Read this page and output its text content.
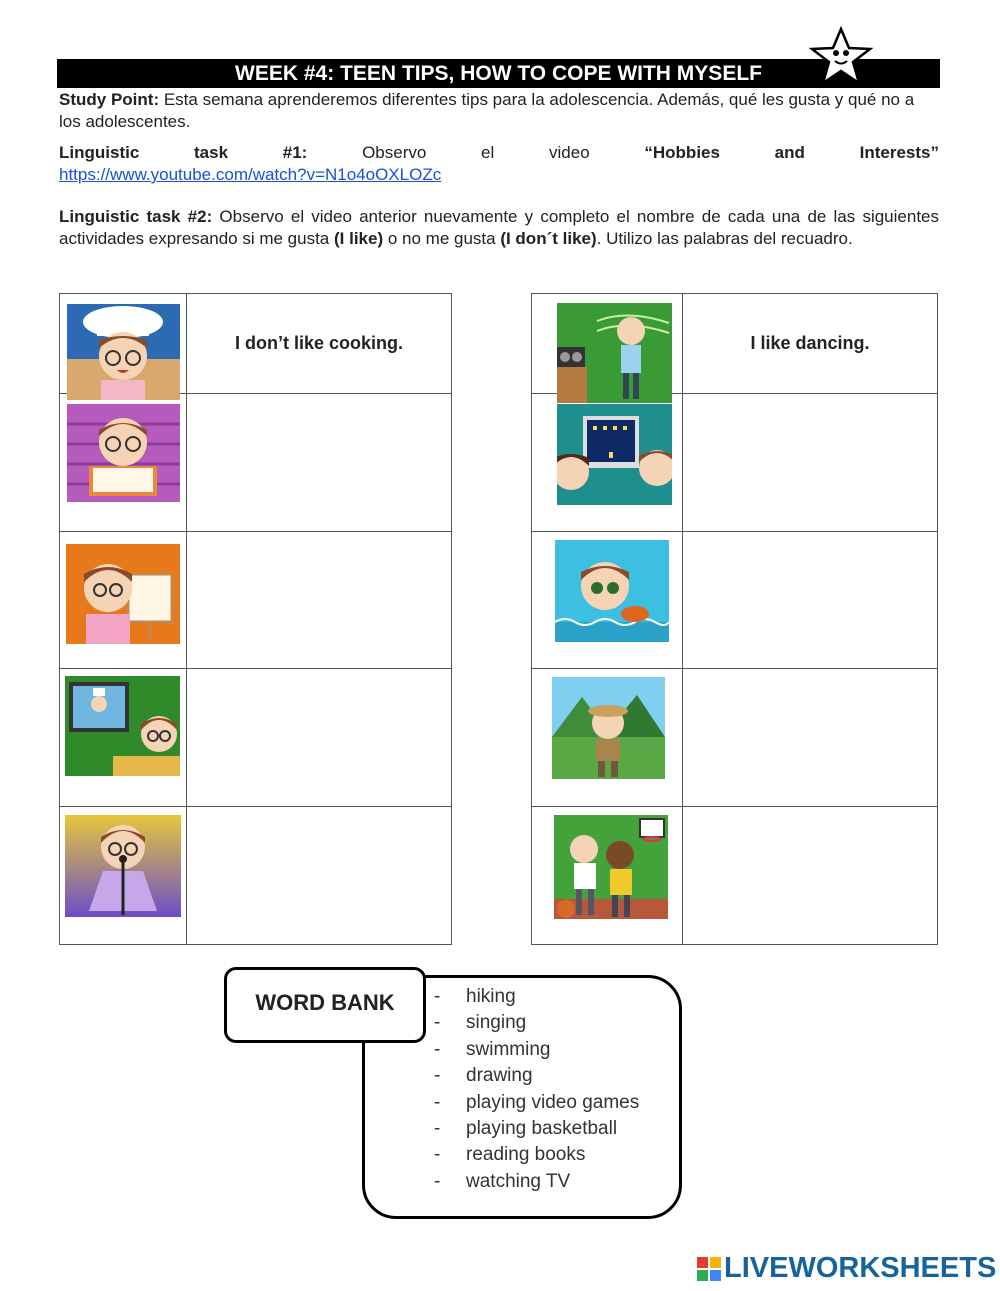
WEEK #4: TEEN TIPS, HOW TO COPE WITH MYSELF
Study Point: Esta semana aprenderemos diferentes tips para la adolescencia. Además, qué les gusta y qué no a los adolescentes.
Linguistic task #1: Observo el video “Hobbies and Interests”
https://www.youtube.com/watch?v=N1o4oOXLOZc
Linguistic task #2: Observo el video anterior nuevamente y completo el nombre de cada una de las siguientes actividades expresando si me gusta (I like) o no me gusta (I don´t like). Utilizo las palabras del recuadro.
	I don’t like cooking.

		I like dancing.

WORD BANK	- hiking
- singing
- swimming
- drawing
- playing video games
- playing basketball
- reading books
- watching TV
LIVEWORKSHEETS
